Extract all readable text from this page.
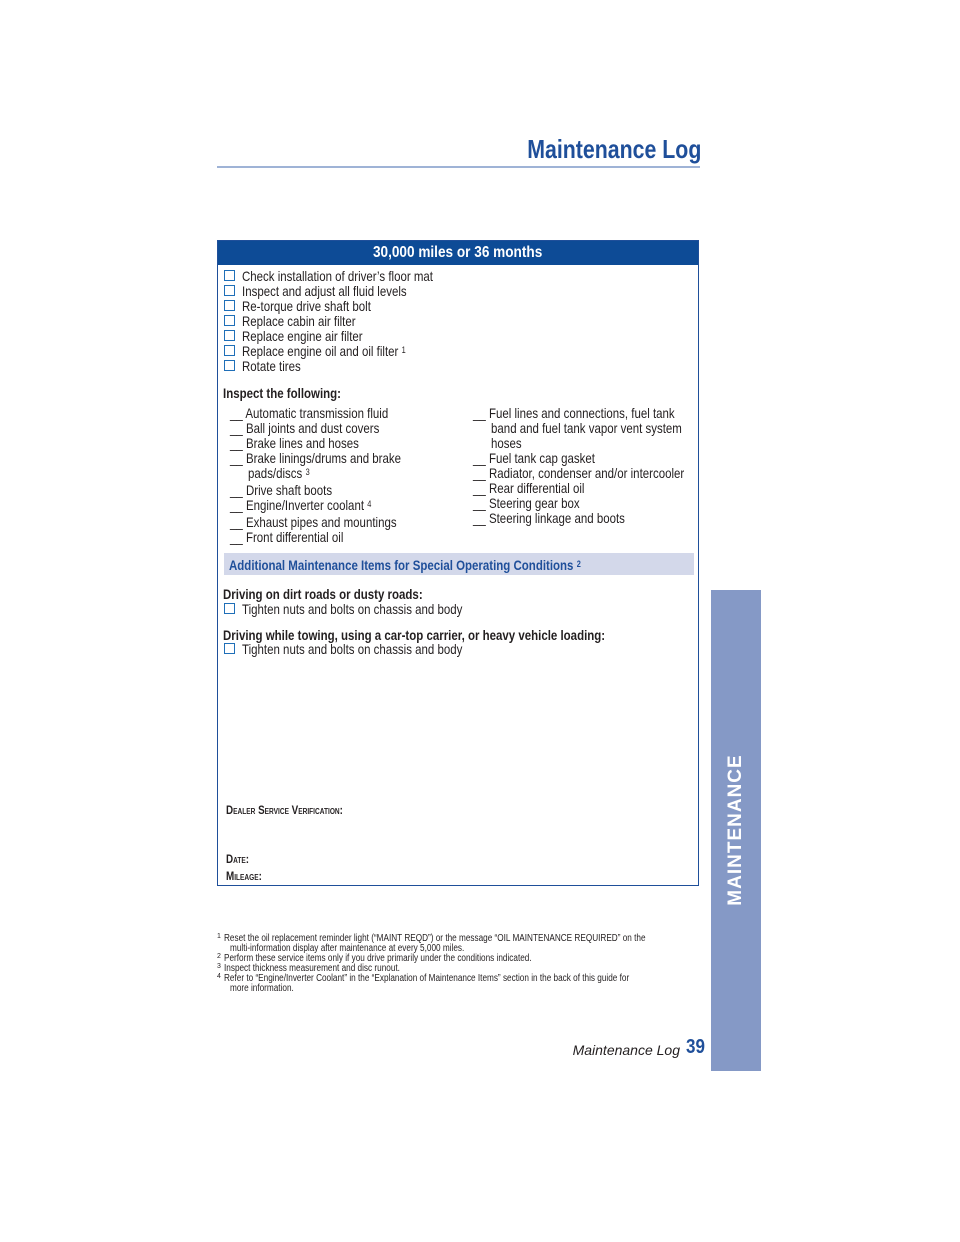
Maintenance Log
30,000 miles or 36 months
Check installation of driver’s floor mat
Inspect and adjust all fluid levels
Re-torque drive shaft bolt
Replace cabin air filter
Replace engine air filter
Replace engine oil and oil filter $^1$
Rotate tires
Inspect the following:
__ Automatic transmission fluid
__ Ball joints and dust covers
__ Brake lines and hoses
__ Brake linings/drums and brake
pads/discs $^3$
__ Drive shaft boots
__ Engine/Inverter coolant $^4$
__ Exhaust pipes and mountings
__ Front differential oil
__ Fuel lines and connections, fuel tank
band and fuel tank vapor vent system
hoses
__ Fuel tank cap gasket
__ Radiator, condenser and/or intercooler
__ Rear differential oil
__ Steering gear box
__ Steering linkage and boots
Additional Maintenance Items for Special Operating Conditions $^2$
Driving on dirt roads or dusty roads:
Tighten nuts and bolts on chassis and body
Driving while towing, using a car-top carrier, or heavy vehicle loading:
Tighten nuts and bolts on chassis and body
Dealer Service Verification:
Date:
Mileage:	MAINTENANCE
1 Reset the oil replacement reminder light (“MAINT REQD”) or the message “OIL MAINTENANCE REQUIRED” on the
multi-information display after maintenance at every 5,000 miles.
2 Perform these service items only if you drive primarily under the conditions indicated.
3 Inspect thickness measurement and disc runout.
4 Refer to “Engine/Inverter Coolant” in the “Explanation of Maintenance Items” section in the back of this guide for
more information.
Maintenance Log 39
